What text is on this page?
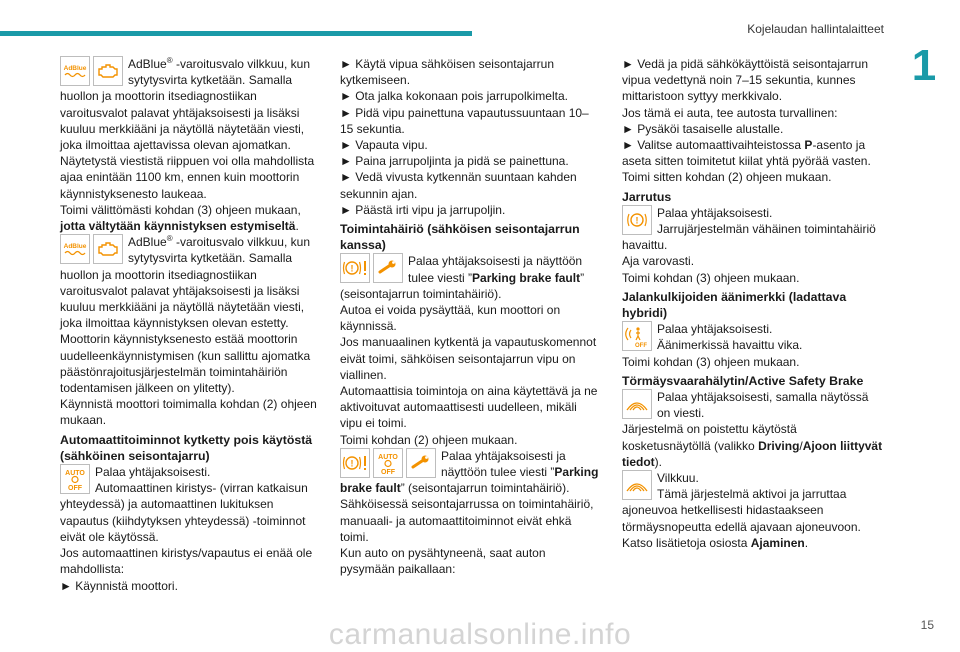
Kojelaudan hallintalaitteet
1
AdBlue	AdBlue® -varoitusvalo vilkkuu, kun sytytysvirta kytketään. Samalla huollon ja moottorin itsediagnostiikan varoitusvalot palavat yhtäjaksoisesti ja lisäksi kuuluu merkkiääni ja näytöllä näytetään viesti, joka ilmoittaa ajettavissa olevan ajomatkan.

Näytetystä viestistä riippuen voi olla mahdollista ajaa enintään 1100 km, ennen kuin moottorin käynnistyksenesto laukeaa.

Toimi välittömästi kohdan (3) ohjeen mukaan, jotta vältytään käynnistyksen estymiseltä.

AdBlue	AdBlue® -varoitusvalo vilkkuu, kun sytytysvirta kytketään. Samalla huollon ja moottorin itsediagnostiikan varoitusvalot palavat yhtäjaksoisesti ja lisäksi kuuluu merkkiääni ja näytöllä näytetään viesti, joka ilmoittaa käynnistyksen olevan estetty.

Moottorin käynnistyksenesto estää moottorin uudelleenkäynnistymisen (kun sallittu ajomatka päästönrajoitusjärjestelmän toimintahäiriön todentamisen jälkeen on ylitetty).

Käynnistä moottori toimimalla kohdan (2) ohjeen mukaan.

Automaattitoiminnot kytketty pois käytöstä (sähköinen seisontajarru)
AUTO
OFF

Palaa yhtäjaksoisesti.

Automaattinen kiristys- (virran katkaisun yhteydessä) ja automaattinen lukituksen vapautus (kiihdytyksen yhteydessä) -toiminnot eivät ole käytössä.

Jos automaattinen kiristys/vapautus ei enää ole mahdollista:

► Käynnistä moottori.

► Käytä vipua sähköisen seisontajarrun kytkemiseen.

► Ota jalka kokonaan pois jarrupolkimelta.

► Pidä vipu painettuna vapautussuuntaan 10–15 sekuntia.

► Vapauta vipu.

► Paina jarrupoljinta ja pidä se painettuna.

► Vedä vivusta kytkennän suuntaan kahden sekunnin ajan.

► Päästä irti vipu ja jarrupoljin.

Toimintahäiriö (sähköisen seisontajarrun kanssa)
!

Palaa yhtäjaksoisesti ja näyttöön tulee viesti ”Parking brake fault” (seisontajarrun toimintahäiriö).

Autoa ei voida pysäyttää, kun moottori on käynnissä.

Jos manuaalinen kytkentä ja vapautuskomennot eivät toimi, sähköisen seisontajarrun vipu on viallinen.

Automaattisia toimintoja on aina käytettävä ja ne aktivoituvat automaattisesti uudelleen, mikäli vipu ei toimi.

Toimi kohdan (2) ohjeen mukaan.

!
AUTO
OFF

Palaa yhtäjaksoisesti ja näyttöön tulee viesti ”Parking brake fault” (seisontajarrun toimintahäiriö).

Sähköisessä seisontajarrussa on toimintahäiriö, manuaali- ja automaattitoiminnot eivät ehkä toimi.

Kun auto on pysähtyneenä, saat auton pysymään paikallaan:

► Vedä ja pidä sähkökäyttöistä seisontajarrun vipua vedettynä noin 7–15 sekuntia, kunnes mittaristoon syttyy merkkivalo.

Jos tämä ei auta, tee autosta turvallinen:

► Pysäköi tasaiselle alustalle.

► Valitse automaattivaihteistossa P-asento ja aseta sitten toimitetut kiilat yhtä pyörää vasten.

Toimi sitten kohdan (2) ohjeen mukaan.

Jarrutus
!

Palaa yhtäjaksoisesti.

Jarrujärjestelmän vähäinen toimintahäiriö havaittu.

Aja varovasti.

Toimi kohdan (3) ohjeen mukaan.

Jalankulkijoiden äänimerkki (ladattava hybridi)
OFF

Palaa yhtäjaksoisesti.

Äänimerkissä havaittu vika.

Toimi kohdan (3) ohjeen mukaan.

Törmäysvaarahälytin/Active Safety Brake

Palaa yhtäjaksoisesti, samalla näytössä on viesti.

Järjestelmä on poistettu käytöstä kosketusnäytöllä (valikko Driving/Ajoon liittyvät tiedot).

Vilkkuu.

Tämä järjestelmä aktivoi ja jarruttaa ajoneuvoa hetkellisesti hidastaakseen törmäysnopeutta edellä ajavaan ajoneuvoon.

Katso lisätietoja osiosta Ajaminen.

carmanualsonline.info	15
